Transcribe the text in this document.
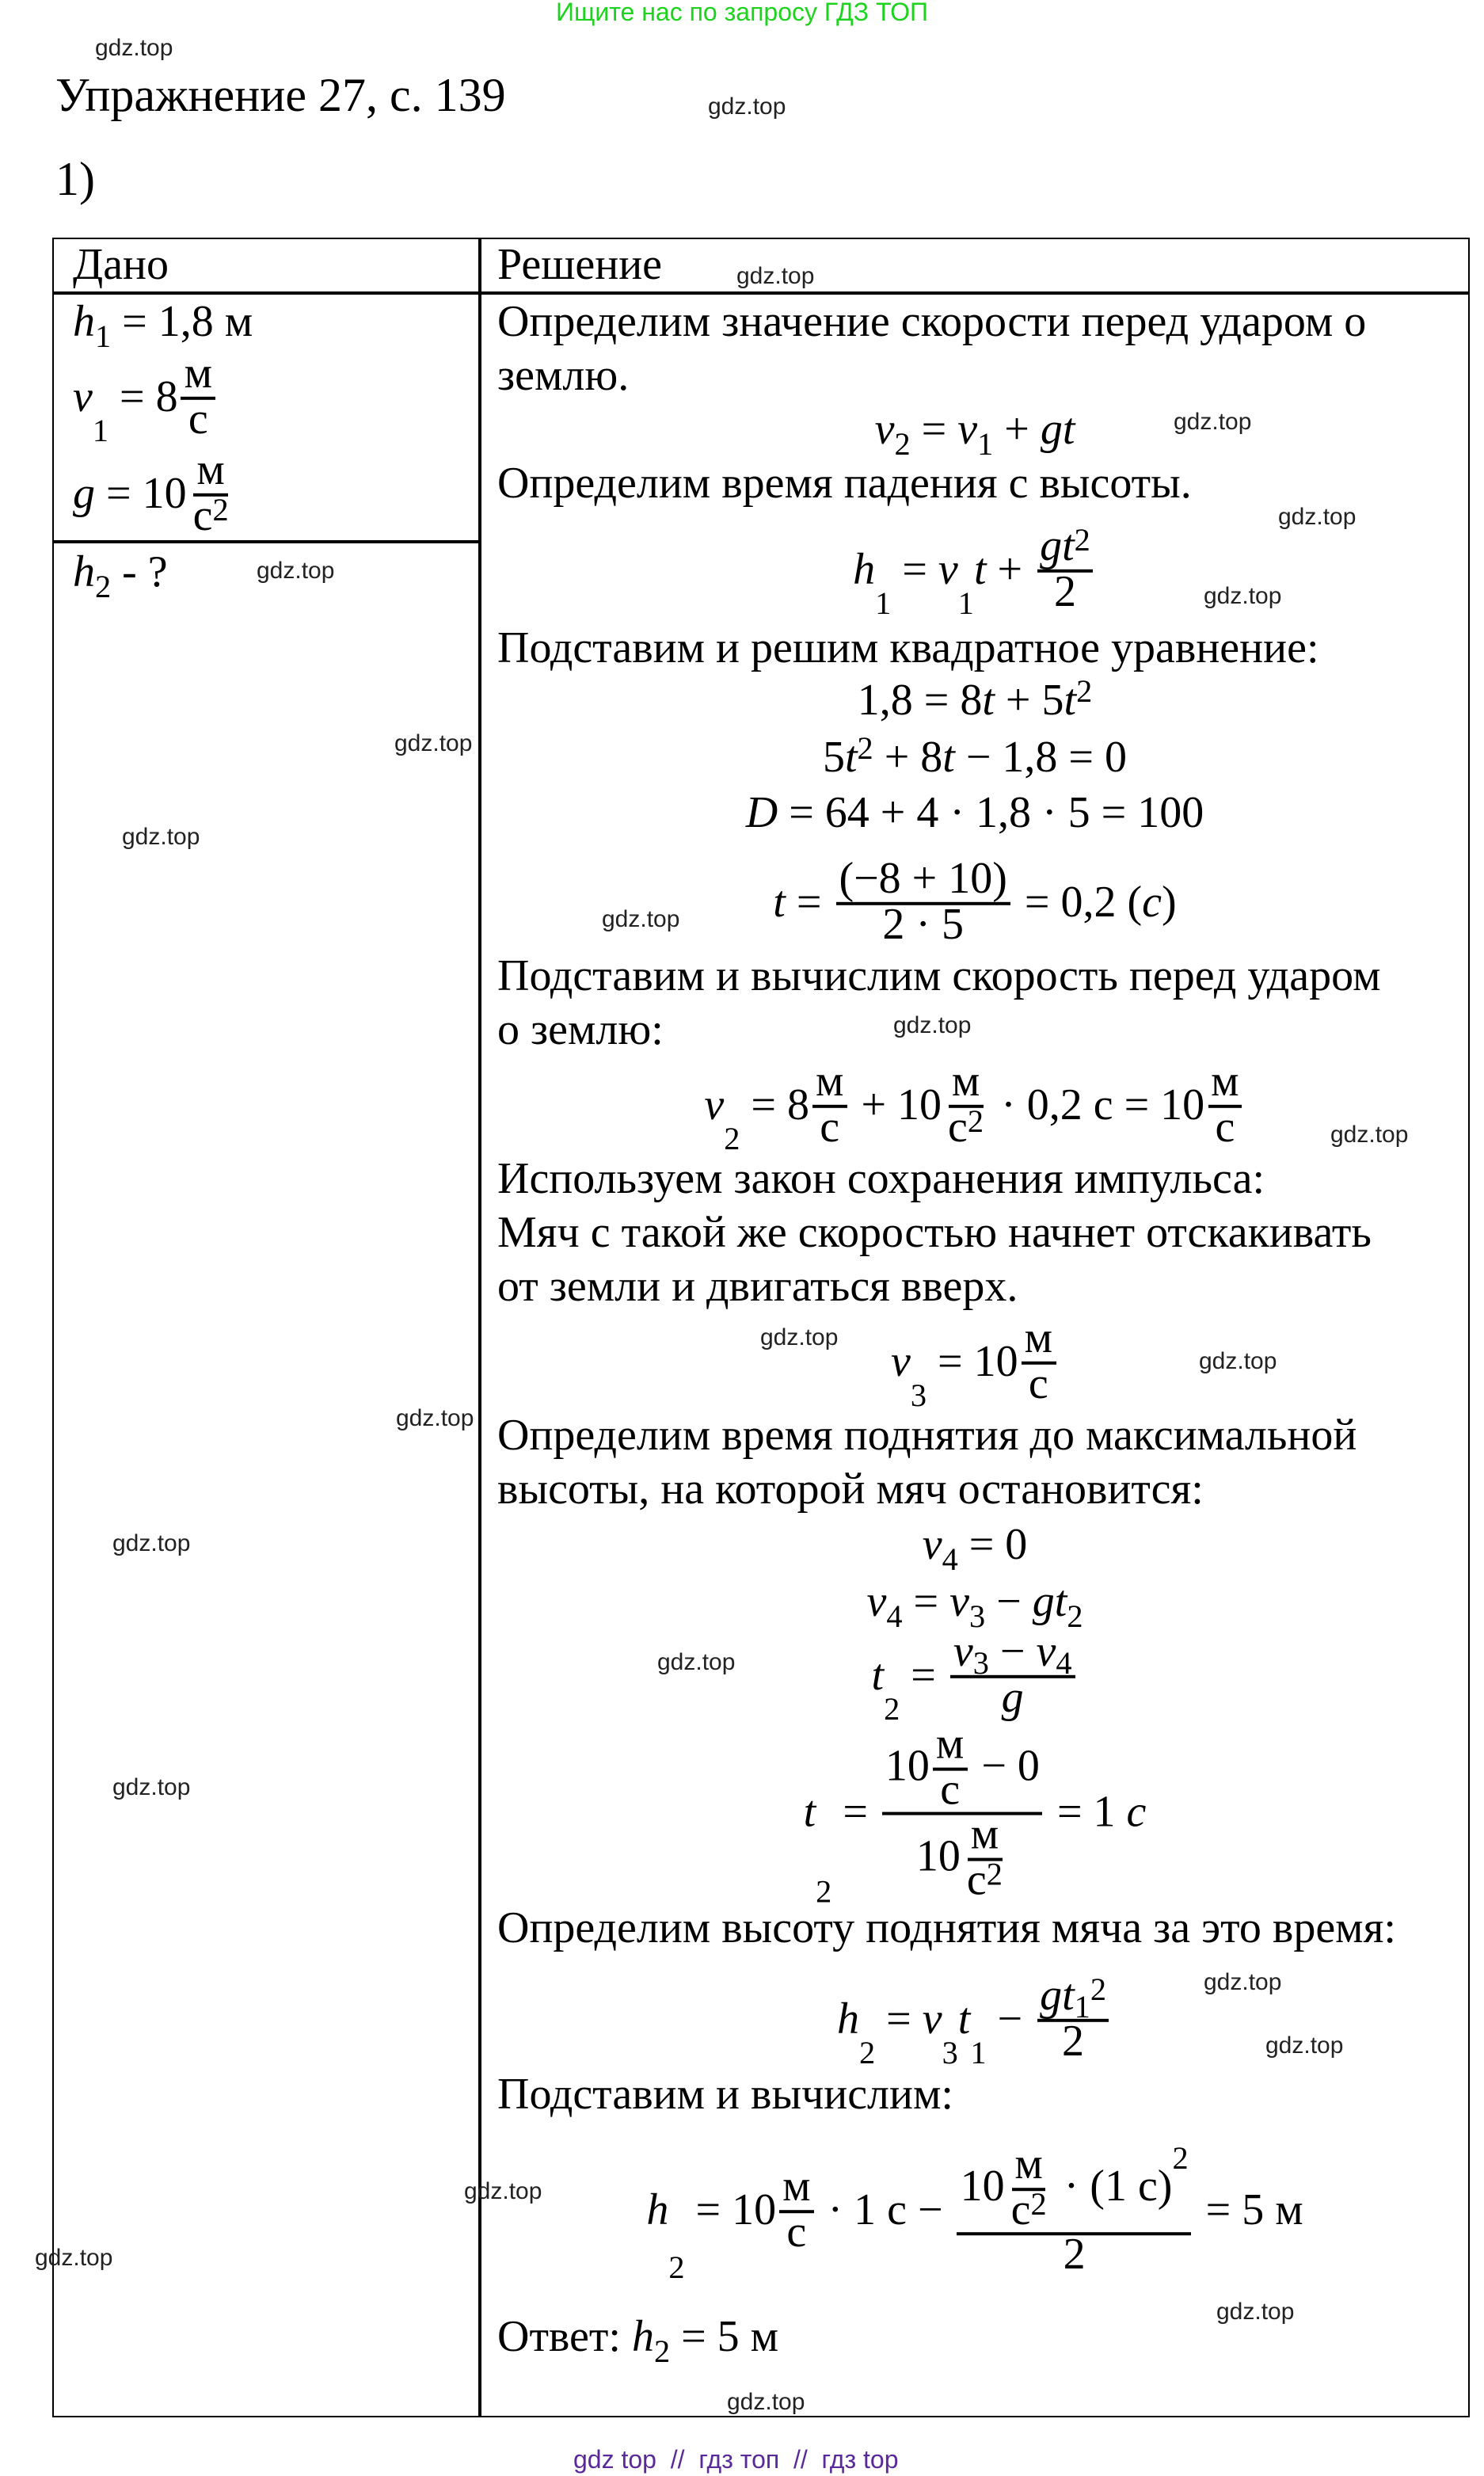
Ищите нас по запросу ГДЗ ТОП
Упражнение 27, с. 139
1)
Дано	Решение
gdz top  //  гдз топ  //  гдз top
h 1 = 1,8 м
v
1
= $8 \frac{м}{с}$
$g = 10 \frac{м}{с 2}$
h 2 - ?
Определим значение скорости перед ударом о
землю.
v 2 = v 1 + gt
Определим время падения с высоты.
h
1
= v
1
$t + \frac{gt 2}{2}$
Подставим и решим квадратное уравнение:
1,8 = 8 t + 5 t 2
5 t 2 + 8 t − 1,8 = 0
D = 64 + 4 · 1,8 · 5 = 100
$t = \frac{(-8 + 10)}{2 \cdot 5} = 0,2$ ( c )
Подставим и вычислим скорость перед ударом
о землю:
v
2
= $8 \frac{м}{с} + 10 \frac{м}{с 2} \cdot 0,2$ $с = 10 \frac{м}{с}$
Используем закон сохранения импульса:
Мяч с такой же скоростью начнет отскакивать
от земли и двигаться вверх.
v
3
= $10 \frac{м}{с}$
Определим время поднятия до максимальной
высоты, на которой мяч остановится:
v 4 = 0
v 4 = v 3 − gt 2
t
2
= $\frac{v 3 - v 4}{g}$
t
2
= $\frac{10 \frac{м}{с} - 0}{10 \frac{м}{с 2}} = 1$ c
Определим высоту поднятия мяча за это время:
h
2
= v
3
t
1
− gt 1
2
2
Подставим и вычислим:
h
2
= $10 \frac{м}{с} \cdot 1$ $с - 10 \frac{м}{с 2} \cdot (1$ с)
2
2 = 5 м
Ответ: h 2 = 5 м
gdz.top
gdz.top
gdz.top
gdz.top
gdz.top
gdz.top
gdz.top
gdz.top
gdz.top
gdz.top
gdz.top
gdz.top
gdz.top
gdz.top
gdz.top
gdz.top
gdz.top
gdz.top
gdz.top
gdz.top
gdz.top
gdz.top
gdz.top
gdz.top
